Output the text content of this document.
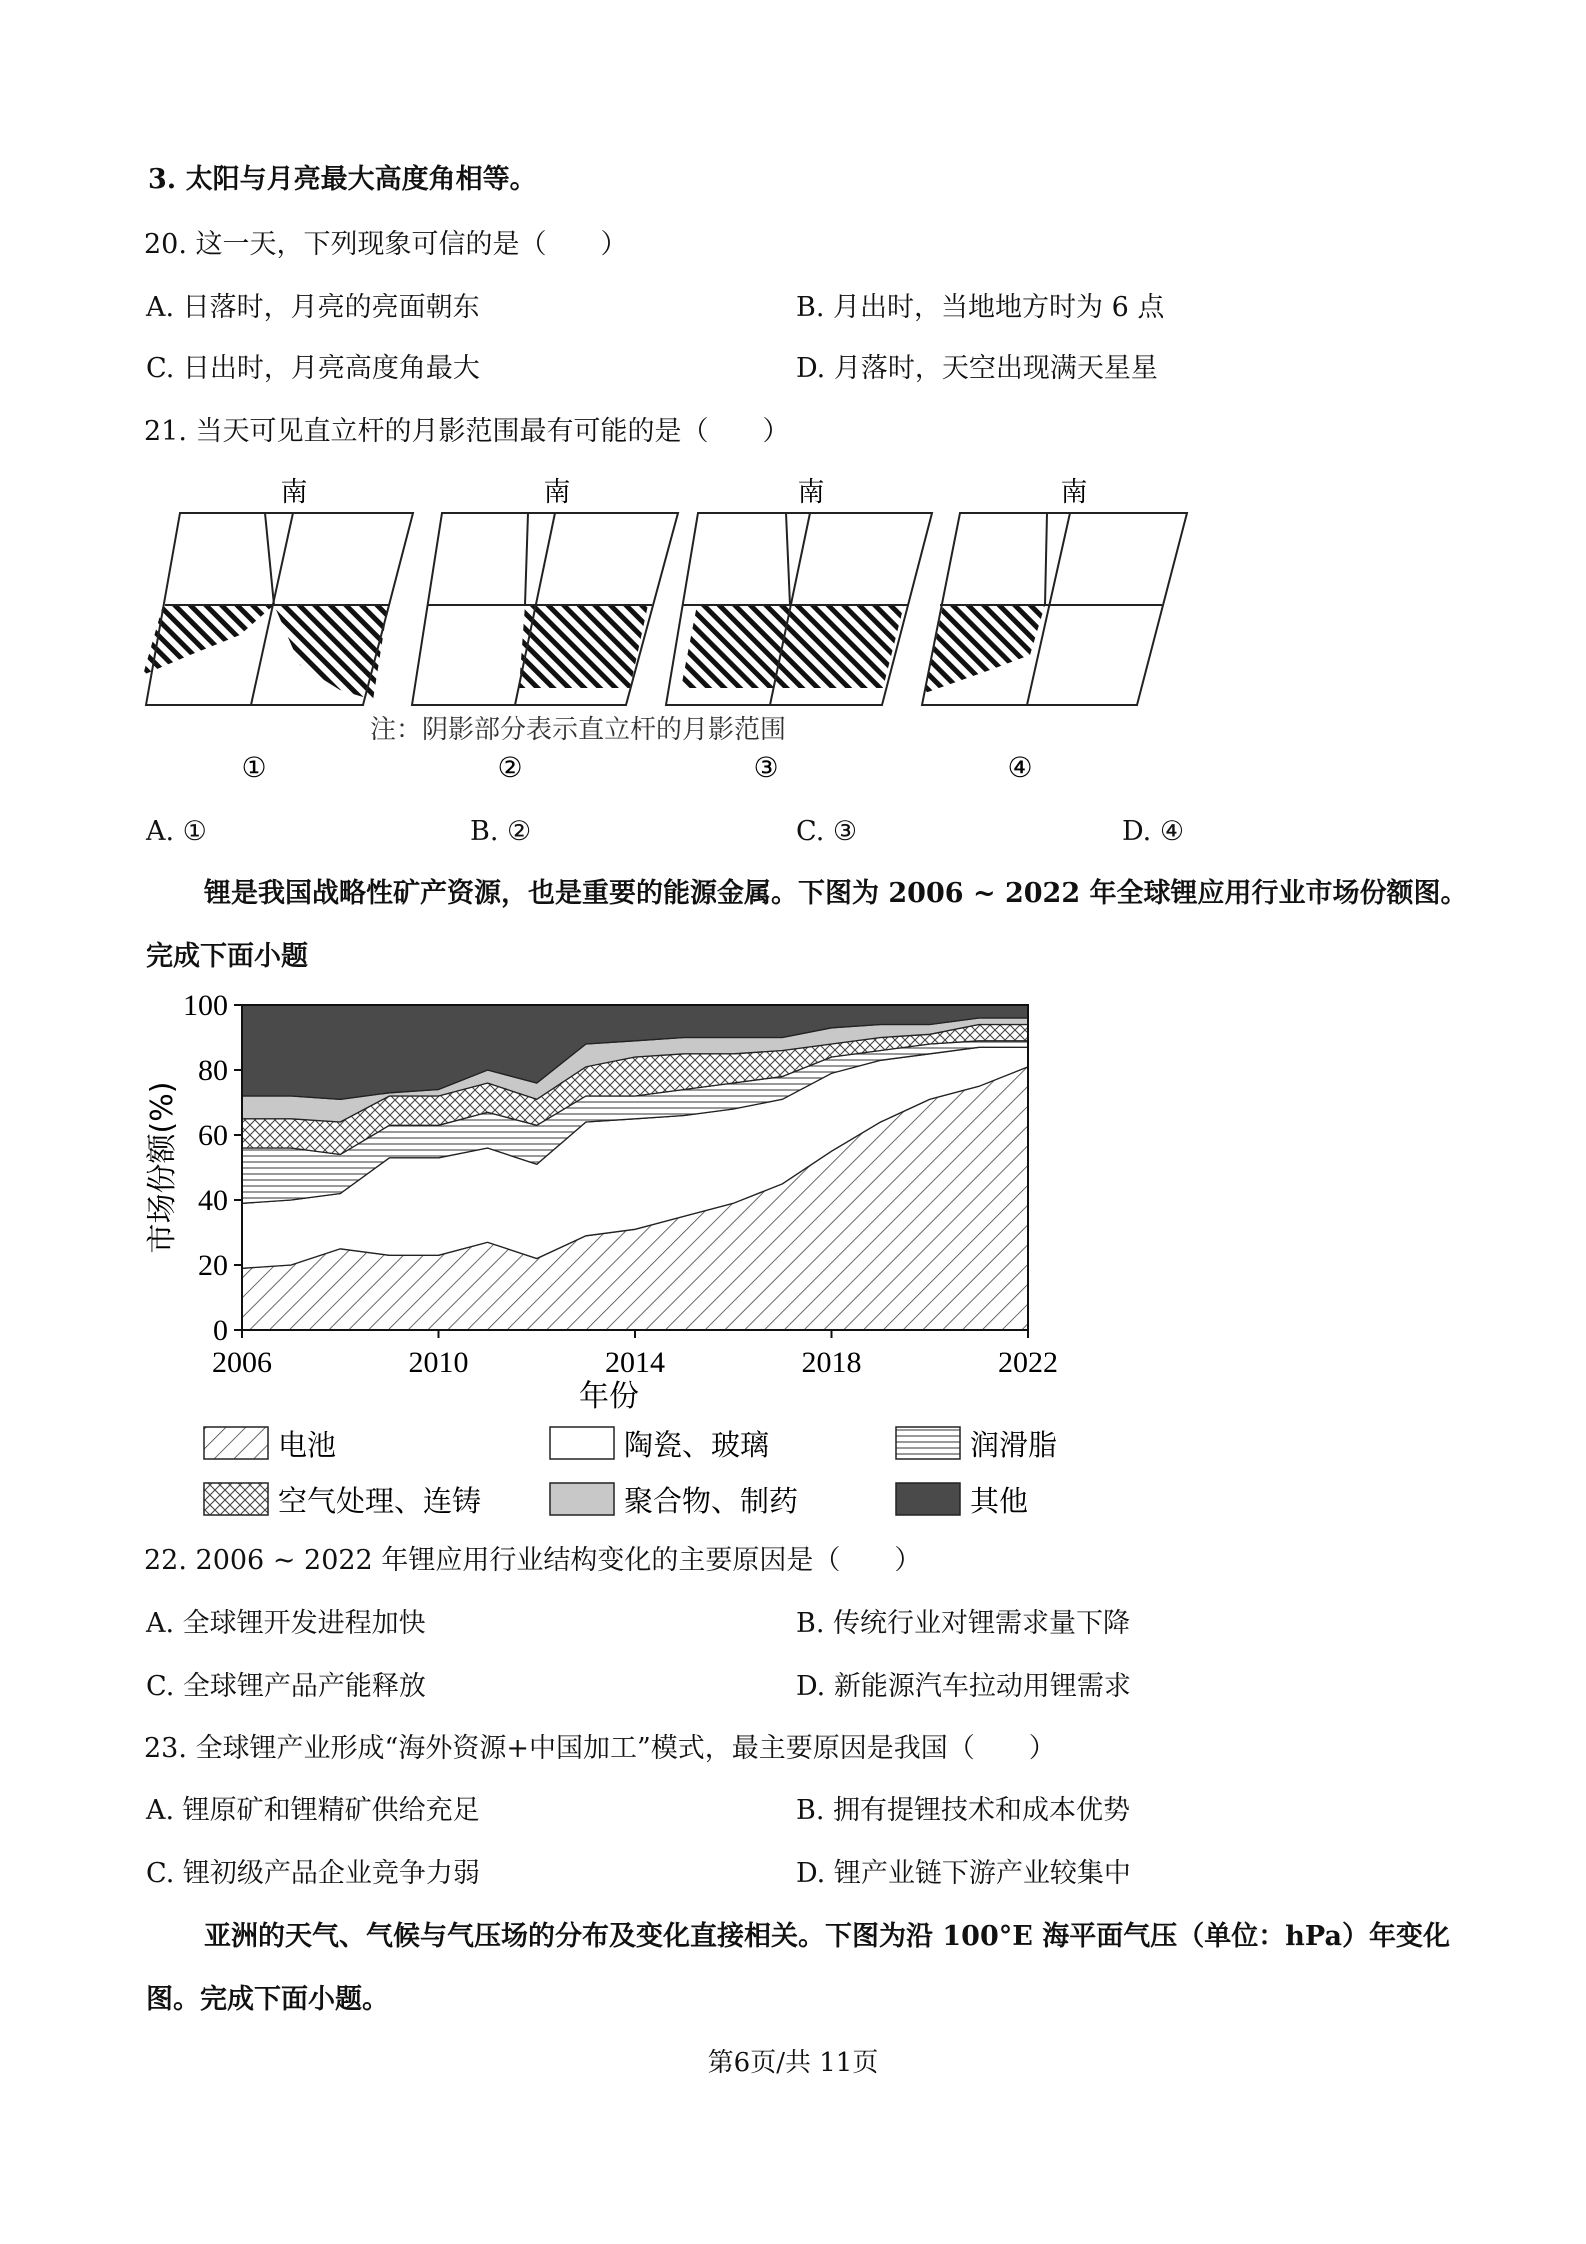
3. 太阳与月亮最大高度角相等。
20. 这一天，下列现象可信的是（　　）
A. 日落时，月亮的亮面朝东	B. 月出时，当地地方时为 6 点
C. 日出时，月亮高度角最大	D. 月落时，天空出现满天星星
21. 当天可见直立杆的月影范围最有可能的是（　　）
南	南	南	南
注：阴影部分表示直立杆的月影范围
①	②	③	④
A. ①	B. ②	C. ③	D. ④
锂是我国战略性矿产资源，也是重要的能源金属。下图为 2006 ~ 2022 年全球锂应用行业市场份额图。
完成下面小题
0
20
40
60
80
100
2006	2010	2014	2018	2022
年份
市场份额(%)
电池	陶瓷、玻璃	润滑脂
空气处理、连铸	聚合物、制药	其他
22. 2006 ~ 2022 年锂应用行业结构变化的主要原因是（　　）
A. 全球锂开发进程加快	B. 传统行业对锂需求量下降
C. 全球锂产品产能释放	D. 新能源汽车拉动用锂需求
23. 全球锂产业形成“海外资源+中国加工”模式，最主要原因是我国（　　）
A. 锂原矿和锂精矿供给充足	B. 拥有提锂技术和成本优势
C. 锂初级产品企业竞争力弱	D. 锂产业链下游产业较集中
亚洲的天气、气候与气压场的分布及变化直接相关。下图为沿 100°E 海平面气压（单位：hPa）年变化
图。完成下面小题。
第6页/共 11页
